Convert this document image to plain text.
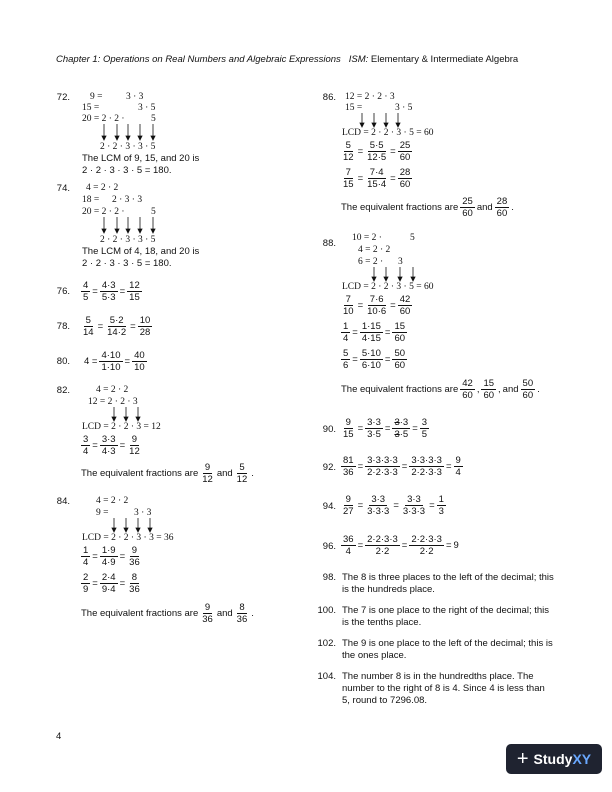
Chapter 1: Operations on Real Numbers and Algebraic Expressions ISM: Elementary & Intermediate Algebra
72. 9 = 3 · 3
15 =	3 · 5
20 = 2 · 2 ·	5
2 · 2 · 3 · 3 · 5
The LCM of 9, 15, and 20 is
2 · 2 · 3 · 3 · 5 = 180.
74. 4 = 2 · 2
18 = 2 · 3 · 3
20 = 2 · 2 ·	5
2 · 2 · 3 · 3 · 5
The LCM of 4, 18, and 20 is
2 · 2 · 3 · 3 · 5 = 180.
76. $\frac{4}{5} = \frac{4\cdot 3}{5\cdot 3} = \frac{12}{15}$
78. $\frac{5}{14} = \frac{5\cdot 2}{14\cdot 2} = \frac{10}{28}$
80. $4 = \frac{4\cdot 10}{1\cdot 10} = \frac{40}{10}$
82.	4 = 2 · 2
12 = 2 · 2 · 3
LCD = 2 · 2 · 3 = 12
$\frac{3}{4} = \frac{3\cdot 3}{4\cdot 3} = \frac{9}{12}$
The equivalent fractions are $\frac{9}{12}$ and $\frac{5}{12}$ .
84.	4 = 2 · 2
9 =	3 · 3
LCD = 2 · 2 · 3 · 3 = 36
$\frac{1}{4} = \frac{1\cdot 9}{4\cdot 9} = \frac{9}{36}$
$\frac{2}{9} = \frac{2\cdot 4}{9\cdot 4} = \frac{8}{36}$
The equivalent fractions are $\frac{9}{36}$ and $\frac{8}{36}$ .
86. 12 = 2 · 2 · 3
15 =	3 · 5
LCD = 2 · 2 · 3 · 5 = 60
$\frac{5}{12} = \frac{5\cdot 5}{12\cdot 5} = \frac{25}{60}$
$\frac{7}{15} = \frac{7\cdot 4}{15\cdot 4} = \frac{28}{60}$
The equivalent fractions are $\frac{25}{60}$ and $\frac{28}{60}$ .
88. 10 = 2 ·	5
4 = 2 · 2
6 = 2 · 3
LCD = 2 · 2 · 3 · 5 = 60
$\frac{7}{10} = \frac{7\cdot 6}{10\cdot 6} = \frac{42}{60}$
$\frac{1}{4} = \frac{1\cdot 15}{4\cdot 15} = \frac{15}{60}$
$\frac{5}{6} = \frac{5\cdot 10}{6\cdot 10} = \frac{50}{60}$
The equivalent fractions are $\frac{42}{60}$ , $\frac{15}{60}$ , and $\frac{50}{60}$ .
90. $\frac{9}{15} = \frac{3\cdot 3}{3\cdot 5} = \frac{3\cdot 3}{3\cdot 5} = \frac{3}{5}$
92. $\frac{81}{36} = \frac{3\cdot 3\cdot 3\cdot 3}{2\cdot 2\cdot 3\cdot 3} = \frac{3\cdot 3\cdot 3\cdot 3}{2\cdot 2\cdot 3\cdot 3} = \frac{9}{4}$
94. $\frac{9}{27} = \frac{3\cdot 3}{3\cdot 3\cdot 3} = \frac{3\cdot 3}{3\cdot 3\cdot 3} = \frac{1}{3}$
96. $\frac{36}{4} = \frac{2\cdot 2\cdot 3\cdot 3}{2\cdot 2} = \frac{2\cdot 2\cdot 3\cdot 3}{2\cdot 2} = 9$
98. The 8 is three places to the left of the decimal; this is the hundreds place.
100. The 7 is one place to the right of the decimal; this is the tenths place.
102. The 9 is one place to the left of the decimal; this is the ones place.
104. The number 8 is in the hundredths place. The number to the right of 8 is 4. Since 4 is less than 5, round to 7296.08.
4
+ Study XY
